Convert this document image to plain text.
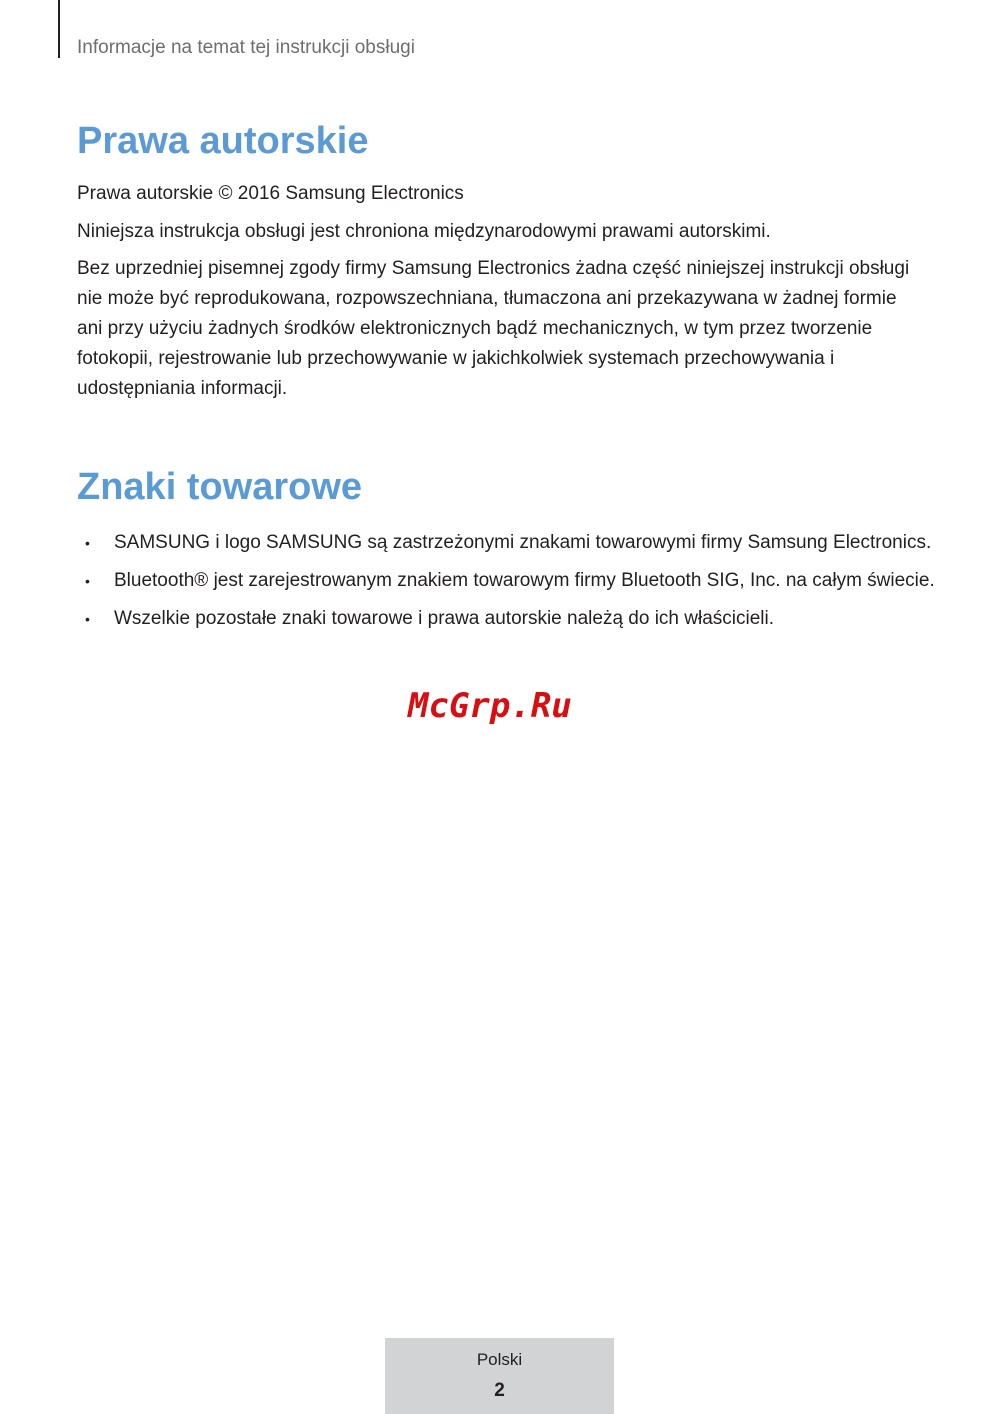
Informacje na temat tej instrukcji obsługi
Prawa autorskie

Prawa autorskie © 2016 Samsung Electronics

Niniejsza instrukcja obsługi jest chroniona międzynarodowymi prawami autorskimi.

Bez uprzedniej pisemnej zgody firmy Samsung Electronics żadna część niniejszej instrukcji obsługi nie może być reprodukowana, rozpowszechniana, tłumaczona ani przekazywana w żadnej formie ani przy użyciu żadnych środków elektronicznych bądź mechanicznych, w tym przez tworzenie fotokopii, rejestrowanie lub przechowywanie w jakichkolwiek systemach przechowywania i udostępniania informacji.

Znaki towarowe
• SAMSUNG i logo SAMSUNG są zastrzeżonymi znakami towarowymi firmy Samsung Electronics.
• Bluetooth® jest zarejestrowanym znakiem towarowym firmy Bluetooth SIG, Inc. na całym świecie.
• Wszelkie pozostałe znaki towarowe i prawa autorskie należą do ich właścicieli.
McGrp.Ru
Polski
2
